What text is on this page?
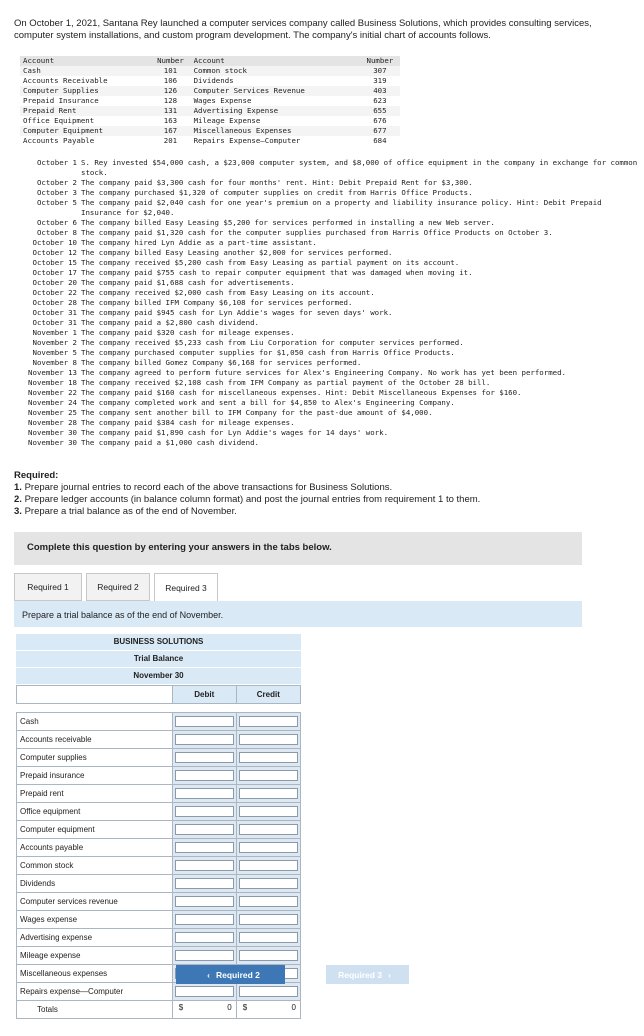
On October 1, 2021, Santana Rey launched a computer services company called Business Solutions, which provides consulting services, computer system installations, and custom program development. The company's initial chart of accounts follows.
Account	Number	Account	Number
Cash	101	Common stock	307
Accounts Receivable	106	Dividends	319
Computer Supplies	126	Computer Services Revenue	403
Prepaid Insurance	128	Wages Expense	623
Prepaid Rent	131	Advertising Expense	655
Office Equipment	163	Mileage Expense	676
Computer Equipment	167	Miscellaneous Expenses	677
Accounts Payable	201	Repairs Expense—Computer	684
October 1 S. Rey invested $54,000 cash, a $23,000 computer system, and $8,000 of office equipment in the company in exchange for common stock.
October 2 The company paid $3,300 cash for four months' rent. Hint: Debit Prepaid Rent for $3,300.
October 3 The company purchased $1,320 of computer supplies on credit from Harris Office Products.
October 5 The company paid $2,040 cash for one year's premium on a property and liability insurance policy. Hint: Debit Prepaid Insurance for $2,040.
October 6 The company billed Easy Leasing $5,200 for services performed in installing a new Web server.
October 8 The company paid $1,320 cash for the computer supplies purchased from Harris Office Products on October 3.
October 10 The company hired Lyn Addie as a part-time assistant.
October 12 The company billed Easy Leasing another $2,000 for services performed.
October 15 The company received $5,200 cash from Easy Leasing as partial payment on its account.
October 17 The company paid $755 cash to repair computer equipment that was damaged when moving it.
October 20 The company paid $1,688 cash for advertisements.
October 22 The company received $2,000 cash from Easy Leasing on its account.
October 28 The company billed IFM Company $6,108 for services performed.
October 31 The company paid $945 cash for Lyn Addie's wages for seven days' work.
October 31 The company paid a $2,800 cash dividend.
November 1 The company paid $320 cash for mileage expenses.
November 2 The company received $5,233 cash from Liu Corporation for computer services performed.
November 5 The company purchased computer supplies for $1,050 cash from Harris Office Products.
November 8 The company billed Gomez Company $6,168 for services performed.
November 13 The company agreed to perform future services for Alex's Engineering Company. No work has yet been performed.
November 18 The company received $2,108 cash from IFM Company as partial payment of the October 28 bill.
November 22 The company paid $160 cash for miscellaneous expenses. Hint: Debit Miscellaneous Expenses for $160.
November 24 The company completed work and sent a bill for $4,850 to Alex's Engineering Company.
November 25 The company sent another bill to IFM Company for the past-due amount of $4,000.
November 28 The company paid $384 cash for mileage expenses.
November 30 The company paid $1,890 cash for Lyn Addie's wages for 14 days' work.
November 30 The company paid a $1,000 cash dividend.
Required:
1. Prepare journal entries to record each of the above transactions for Business Solutions.
2. Prepare ledger accounts (in balance column format) and post the journal entries from requirement 1 to them.
3. Prepare a trial balance as of the end of November.
Complete this question by entering your answers in the tabs below.
Required 1	Required 2	Required 3
Prepare a trial balance as of the end of November.
BUSINESS SOLUTIONS
Trial Balance
November 30
	Debit	Credit

Cash	

Accounts receivable	

Computer supplies	

Prepaid insurance	

Prepaid rent	

Office equipment	

Computer equipment	

Accounts payable	

Common stock	

Dividends	

Computer services revenue	

Wages expense	

Advertising expense	

Mileage expense	

Miscellaneous expenses	

Repairs expense—Computer	

Totals	$ 0	$ 0
‹ Required 2	Required 3 ›
